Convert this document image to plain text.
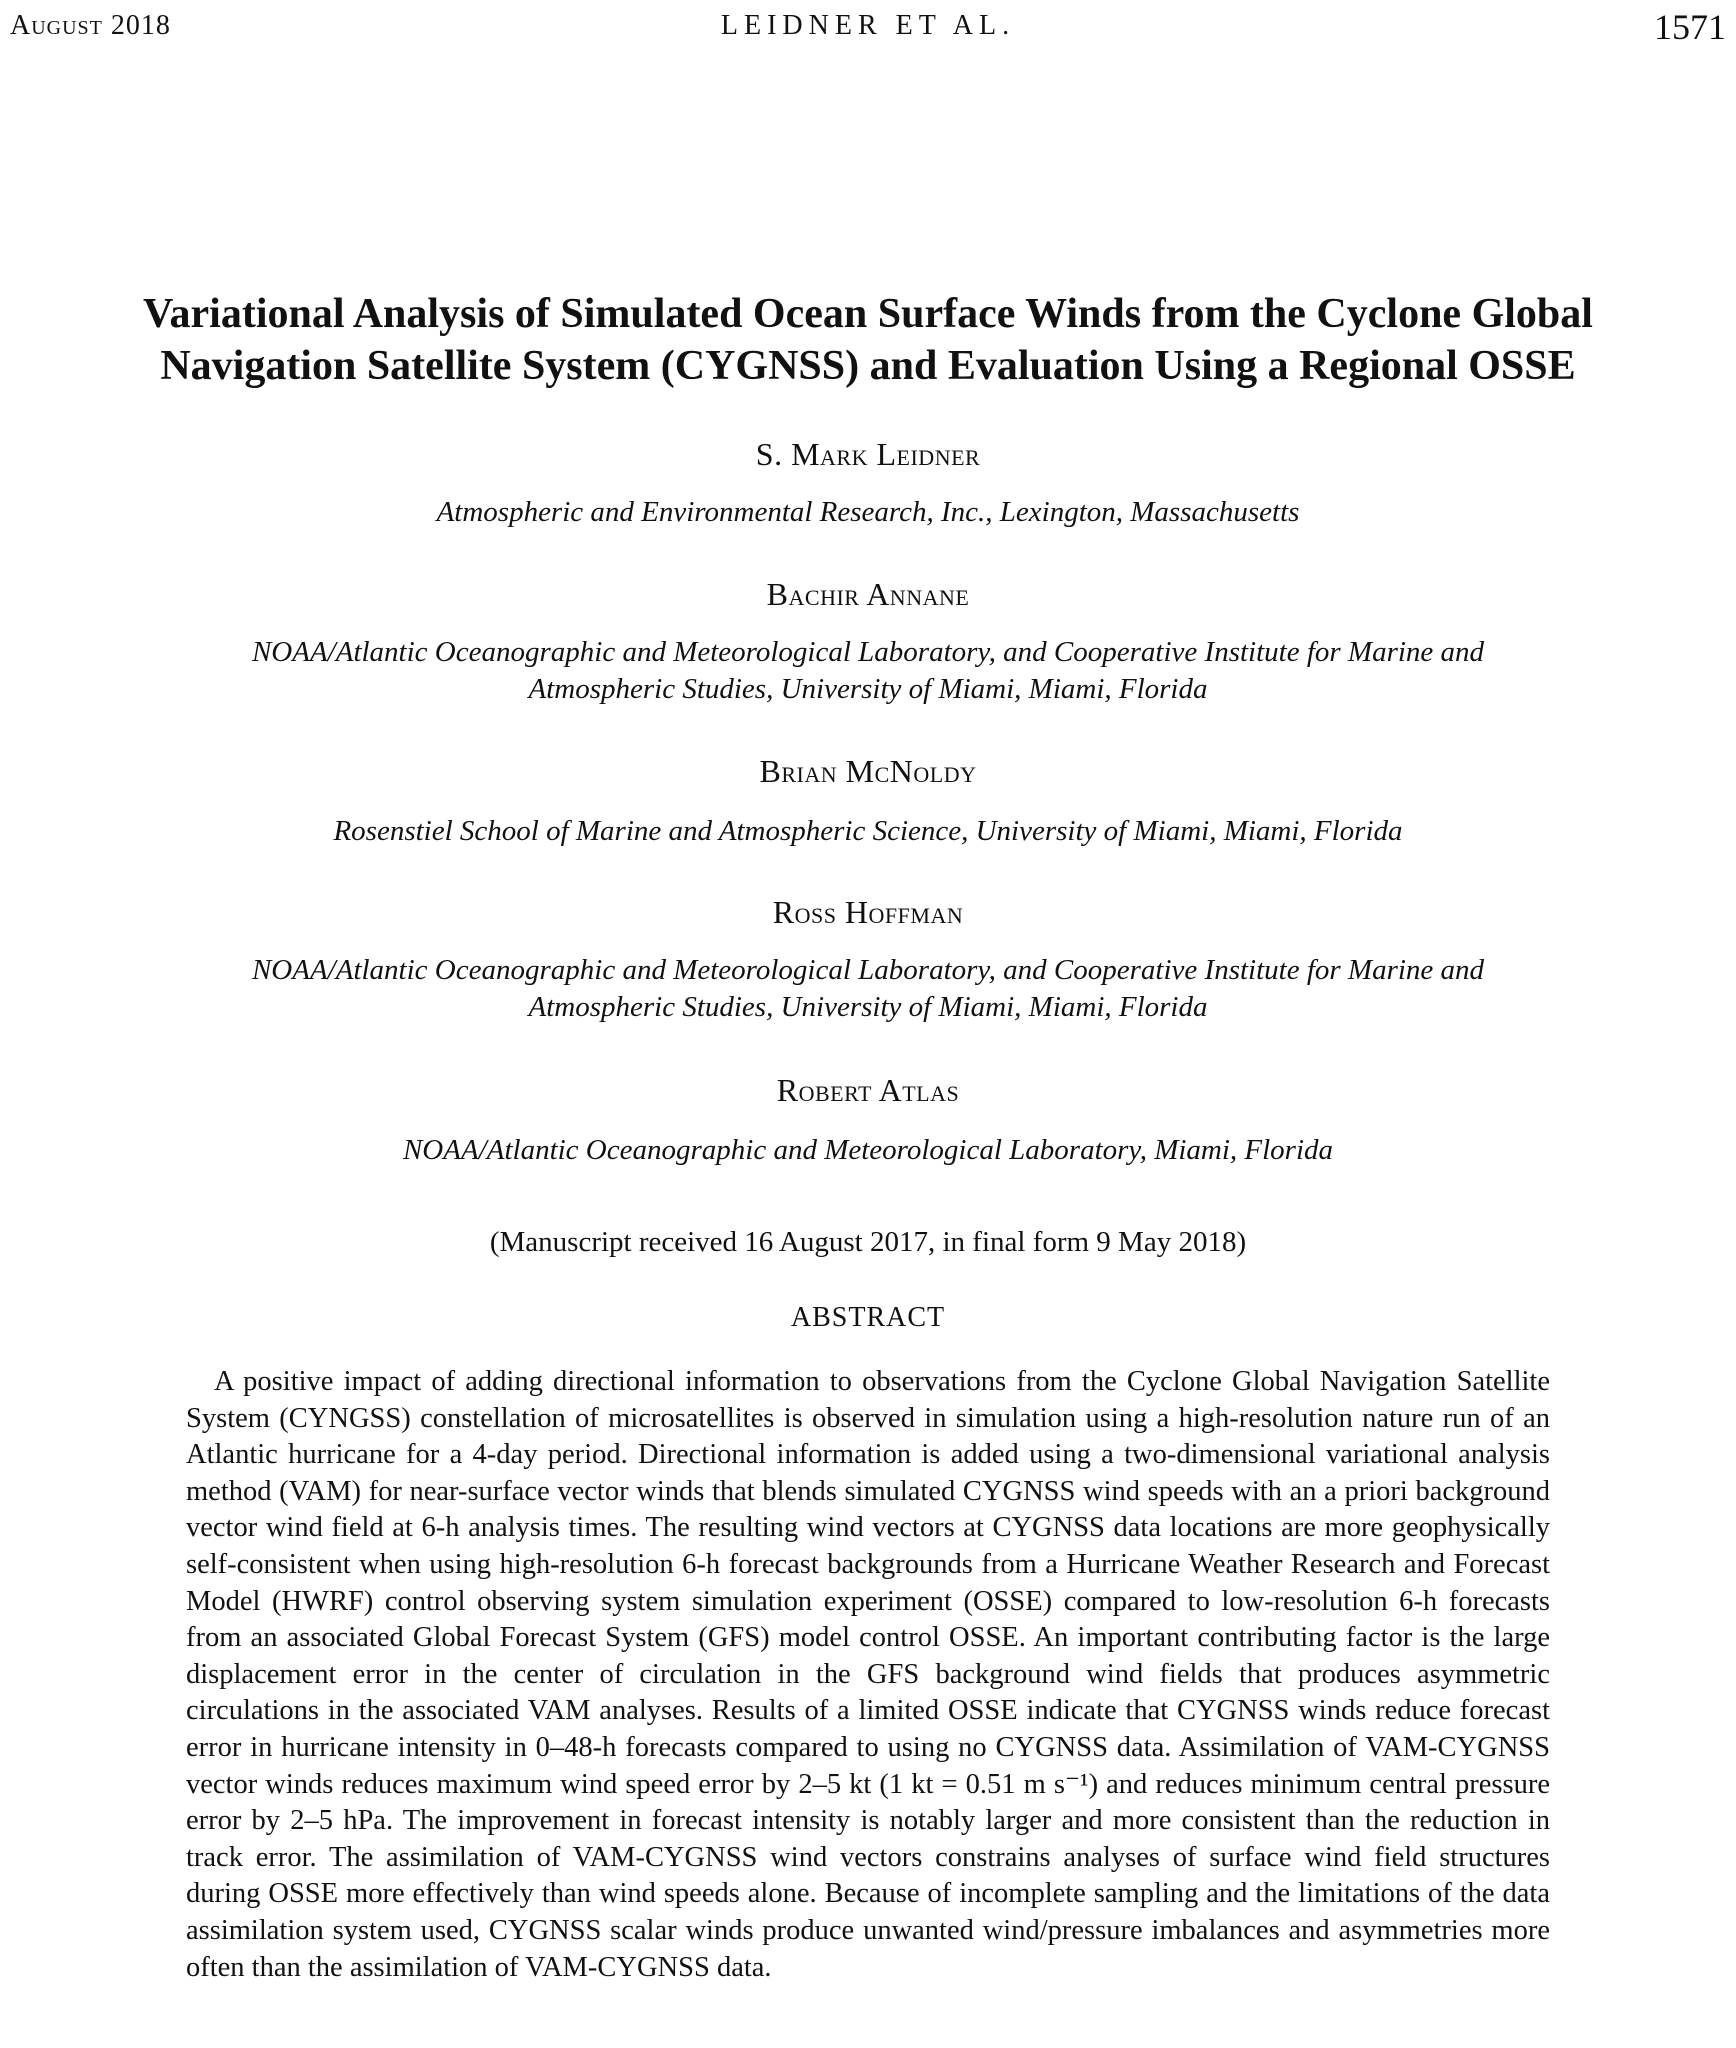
August 2018	LEIDNER ET AL.	1571
Variational Analysis of Simulated Ocean Surface Winds from the Cyclone Global Navigation Satellite System (CYGNSS) and Evaluation Using a Regional OSSE
S. Mark Leidner
Atmospheric and Environmental Research, Inc., Lexington, Massachusetts
Bachir Annane
NOAA/Atlantic Oceanographic and Meteorological Laboratory, and Cooperative Institute for Marine and Atmospheric Studies, University of Miami, Miami, Florida
Brian McNoldy
Rosenstiel School of Marine and Atmospheric Science, University of Miami, Miami, Florida
Ross Hoffman
NOAA/Atlantic Oceanographic and Meteorological Laboratory, and Cooperative Institute for Marine and Atmospheric Studies, University of Miami, Miami, Florida
Robert Atlas
NOAA/Atlantic Oceanographic and Meteorological Laboratory, Miami, Florida
(Manuscript received 16 August 2017, in final form 9 May 2018)
ABSTRACT

A positive impact of adding directional information to observations from the Cyclone Global Navigation Satellite System (CYNGSS) constellation of microsatellites is observed in simulation using a high-resolution nature run of an Atlantic hurricane for a 4-day period. Directional information is added using a two-dimensional variational analysis method (VAM) for near-surface vector winds that blends simulated CYGNSS wind speeds with an a priori background vector wind field at 6-h analysis times. The resulting wind vectors at CYGNSS data locations are more geophysically self-consistent when using high-resolution 6-h forecast backgrounds from a Hurricane Weather Research and Forecast Model (HWRF) control observing system simulation experiment (OSSE) compared to low-resolution 6-h forecasts from an associated Global Forecast System (GFS) model control OSSE. An important contributing factor is the large displacement error in the center of circulation in the GFS background wind fields that produces asymmetric circulations in the associated VAM analyses. Results of a limited OSSE indicate that CYGNSS winds reduce forecast error in hurricane intensity in 0–48-h forecasts compared to using no CYGNSS data. Assimilation of VAM-CYGNSS vector winds reduces maximum wind speed error by 2–5 kt (1 kt = 0.51 m s⁻¹) and reduces minimum central pressure error by 2–5 hPa. The improvement in forecast intensity is notably larger and more consistent than the reduction in track error. The assimilation of VAM-CYGNSS wind vectors constrains analyses of surface wind field structures during OSSE more effectively than wind speeds alone. Because of incomplete sampling and the limitations of the data assimilation system used, CYGNSS scalar winds produce unwanted wind/pressure imbalances and asymmetries more often than the assimilation of VAM-CYGNSS data.
